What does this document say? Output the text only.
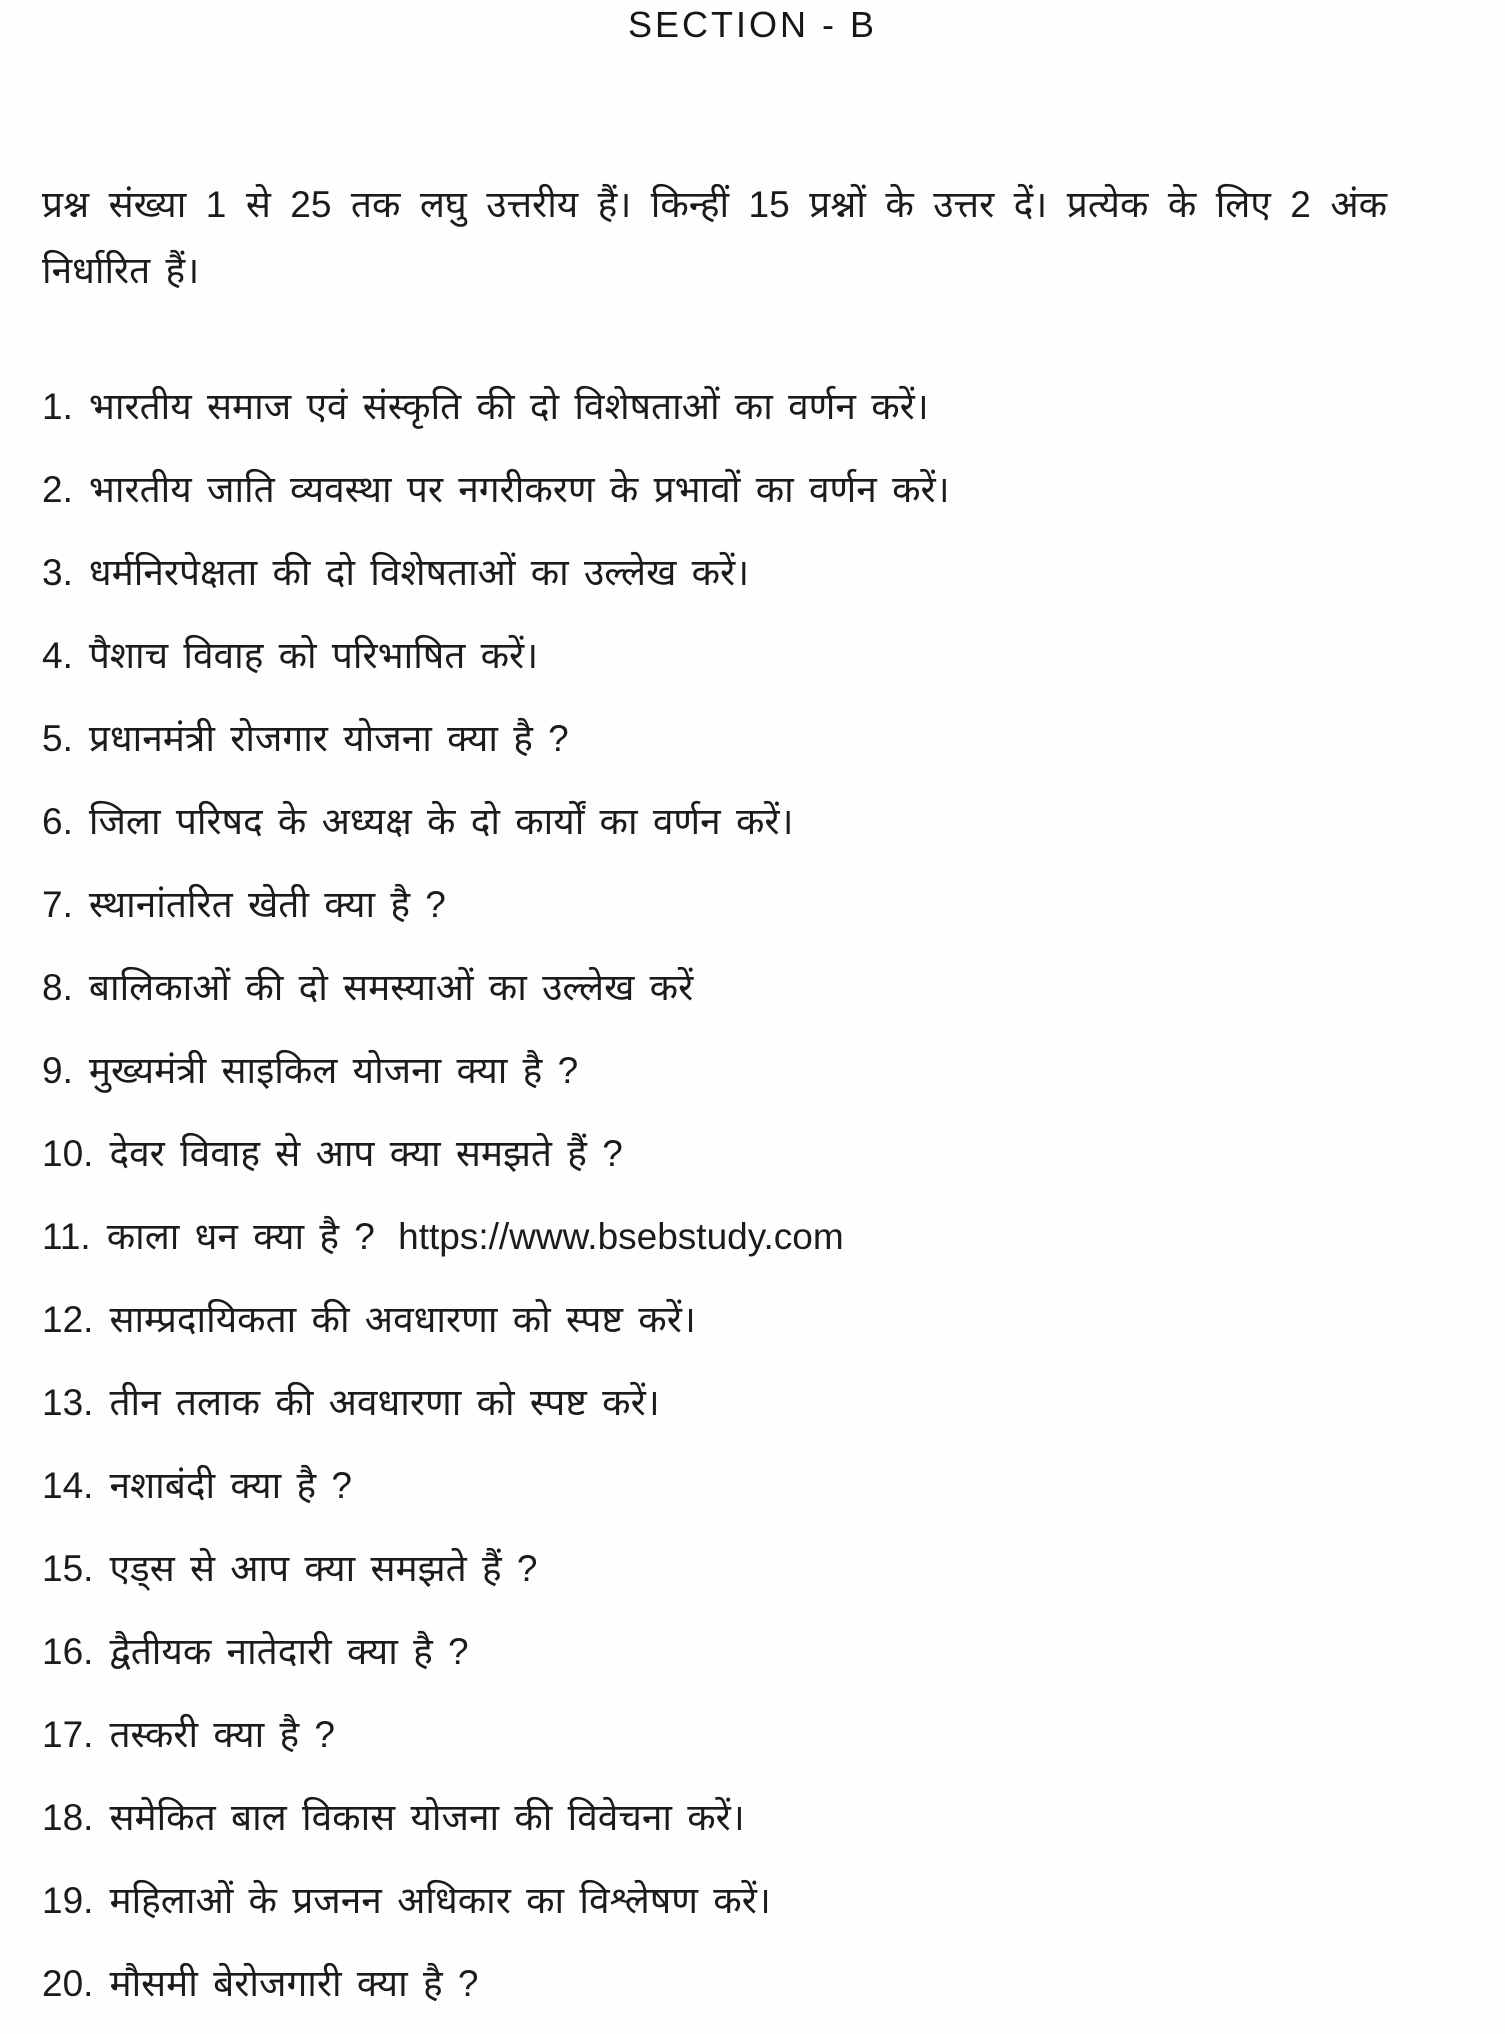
SECTION - B

प्रश्न संख्या 1 से 25 तक लघु उत्तरीय हैं। किन्हीं 15 प्रश्नों के उत्तर दें। प्रत्येक के लिए 2 अंक निर्धारित हैं।

1. भारतीय समाज एवं संस्कृति की दो विशेषताओं का वर्णन करें।
2. भारतीय जाति व्यवस्था पर नगरीकरण के प्रभावों का वर्णन करें।
3. धर्मनिरपेक्षता की दो विशेषताओं का उल्लेख करें।
4. पैशाच विवाह को परिभाषित करें।
5. प्रधानमंत्री रोजगार योजना क्या है ?
6. जिला परिषद के अध्यक्ष के दो कार्यों का वर्णन करें।
7. स्थानांतरित खेती क्या है ?
8. बालिकाओं की दो समस्याओं का उल्लेख करें
9. मुख्यमंत्री साइकिल योजना क्या है ?
10. देवर विवाह से आप क्या समझते हैं ?
11. काला धन क्या है ? https://www.bsebstudy.com
12. साम्प्रदायिकता की अवधारणा को स्पष्ट करें।
13. तीन तलाक की अवधारणा को स्पष्ट करें।
14. नशाबंदी क्या है ?
15. एड्स से आप क्या समझते हैं ?
16. द्वैतीयक नातेदारी क्या है ?
17. तस्करी क्या है ?
18. समेकित बाल विकास योजना की विवेचना करें।
19. महिलाओं के प्रजनन अधिकार का विश्लेषण करें।
20. मौसमी बेरोजगारी क्या है ?
